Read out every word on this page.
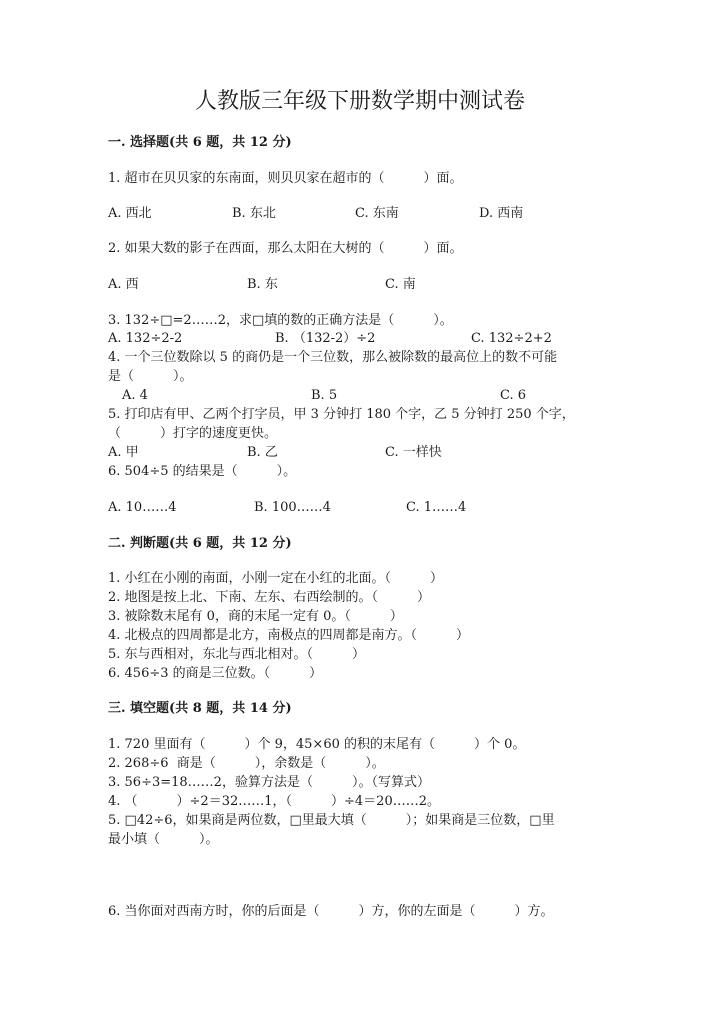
人教版三年级下册数学期中测试卷
一. 选择题(共 6 题，共 12 分)
1. 超市在贝贝家的东南面，则贝贝家在超市的（　　　）面。
A. 西北	B. 东北	C. 东南	D. 西南
2. 如果大数的影子在西面，那么太阳在大树的（　　　）面。
A. 西	B. 东	C. 南
3. 132÷□=2……2，求□填的数的正确方法是（　　　）。
A. 132÷2-2	B. （132-2）÷2	C. 132÷2+2
4. 一个三位数除以 5 的商仍是一个三位数，那么被除数的最高位上的数不可能
是（　　　）。
A. 4	B. 5	C. 6
5. 打印店有甲、乙两个打字员，甲 3 分钟打 180 个字，乙 5 分钟打 250 个字，
（　　　）打字的速度更快。
A. 甲	B. 乙	C. 一样快
6. 504÷5 的结果是（　　　）。
A. 10……4	B. 100……4	C. 1……4
二. 判断题(共 6 题，共 12 分)
1. 小红在小刚的南面，小刚一定在小红的北面。（　　　）
2. 地图是按上北、下南、左东、右西绘制的。（　　　）
3. 被除数末尾有 0，商的末尾一定有 0。（　　　）
4. 北极点的四周都是北方，南极点的四周都是南方。（　　　）
5. 东与西相对，东北与西北相对。（　　　）
6. 456÷3 的商是三位数。（　　　）
三. 填空题(共 8 题，共 14 分)
1. 720 里面有（　　　）个 9，45×60 的积的末尾有（　　　）个 0。
2. 268÷6  商是（　　　），余数是（　　　）。
3. 56÷3=18……2，验算方法是（　　　）。（写算式）
4. （　　　）÷2＝32……1，（　　　）÷4＝20……2。
5. □42÷6，如果商是两位数，□里最大填（　　　）；如果商是三位数，□里
最小填（　　　）。
6. 当你面对西南方时，你的后面是（　　　）方，你的左面是（　　　）方。
